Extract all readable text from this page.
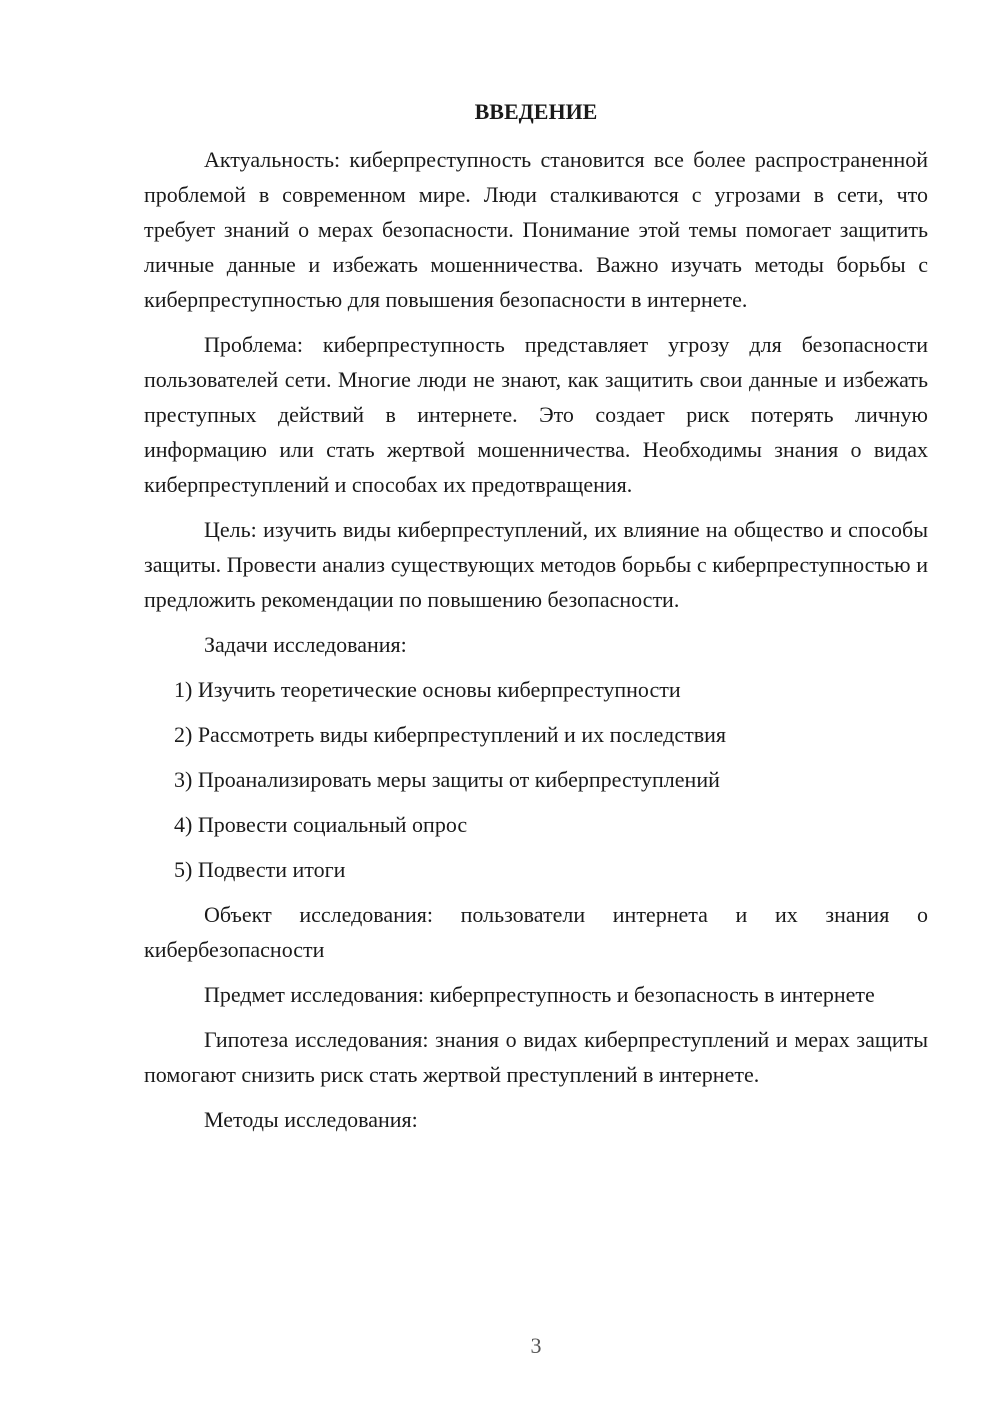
ВВЕДЕНИЕ

Актуальность: киберпреступность становится все более распространенной проблемой в современном мире. Люди сталкиваются с угрозами в сети, что требует знаний о мерах безопасности. Понимание этой темы помогает защитить личные данные и избежать мошенничества. Важно изучать методы борьбы с киберпреступностью для повышения безопасности в интернете.

Проблема: киберпреступность представляет угрозу для безопасности пользователей сети. Многие люди не знают, как защитить свои данные и избежать преступных действий в интернете. Это создает риск потерять личную информацию или стать жертвой мошенничества. Необходимы знания о видах киберпреступлений и способах их предотвращения.

Цель: изучить виды киберпреступлений, их влияние на общество и способы защиты. Провести анализ существующих методов борьбы с киберпреступностью и предложить рекомендации по повышению безопасности.

Задачи исследования:

1) Изучить теоретические основы киберпреступности
2) Рассмотреть виды киберпреступлений и их последствия
3) Проанализировать меры защиты от киберпреступлений
4) Провести социальный опрос
5) Подвести итоги

Объект исследования: пользователи интернета и их знания о кибербезопасности

Предмет исследования: киберпреступность и безопасность в интернете

Гипотеза исследования: знания о видах киберпреступлений и мерах защиты помогают снизить риск стать жертвой преступлений в интернете.

Методы исследования:

3
